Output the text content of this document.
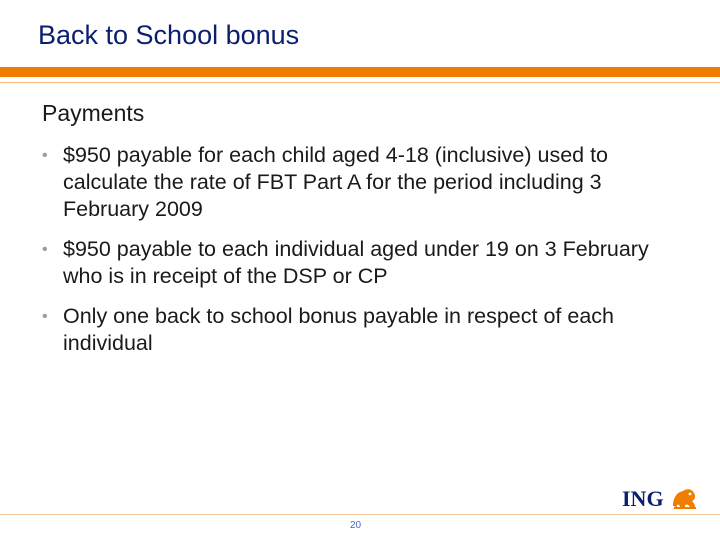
Back to School bonus
Payments
• $950 payable for each child aged 4-18 (inclusive) used to calculate the rate of FBT Part A for the period including 3 February 2009
• $950 payable to each individual aged under 19 on 3 February who is in receipt of the DSP or CP
• Only one back to school bonus payable in respect of each individual
ING
20
